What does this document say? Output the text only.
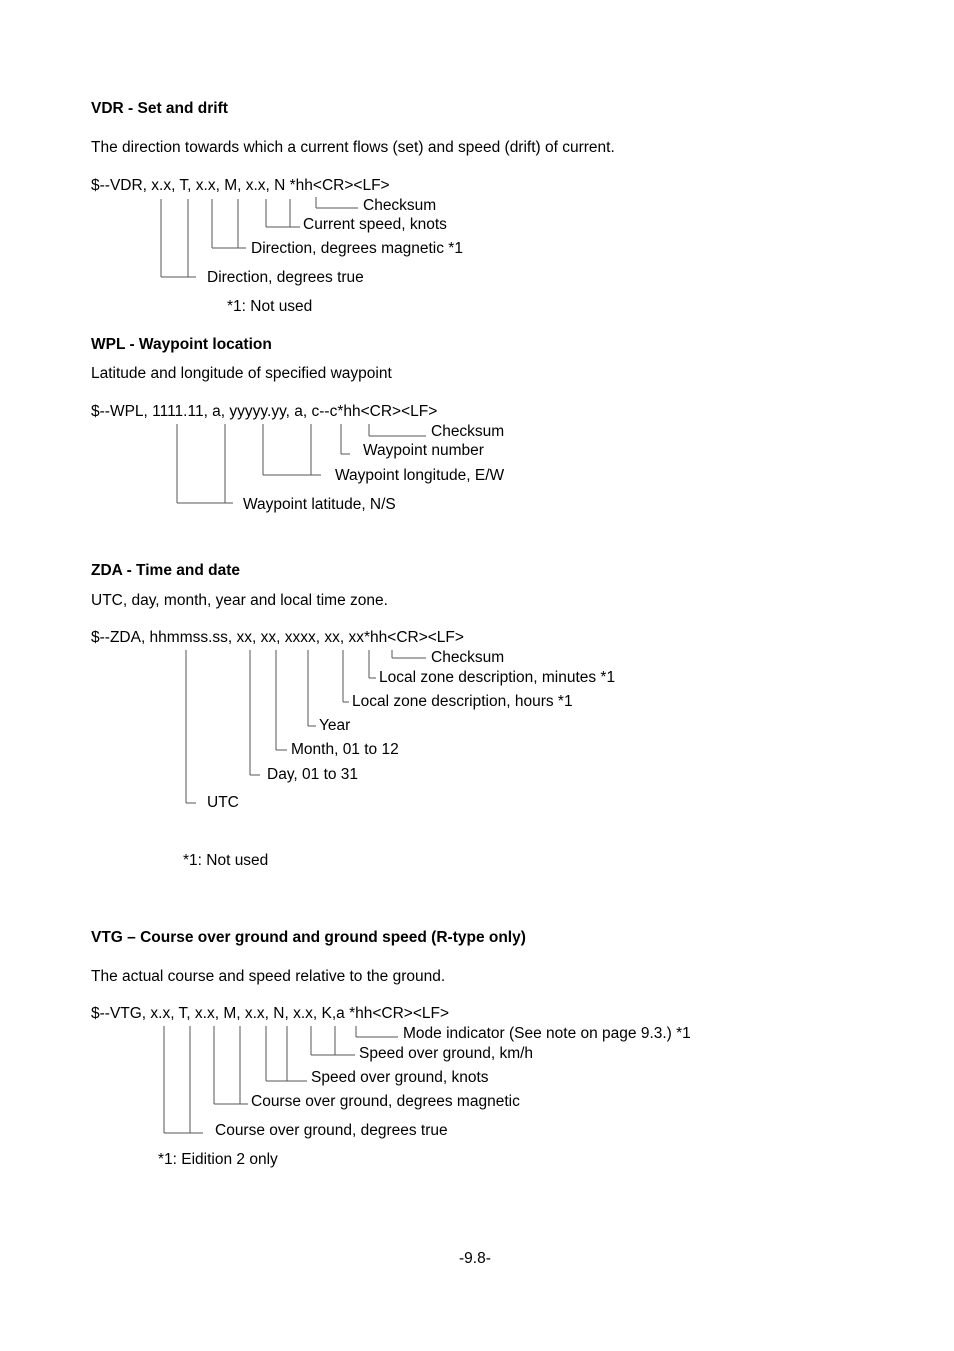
VDR - Set and drift
The direction towards which a current flows (set) and speed (drift) of current.
$--VDR, x.x, T, x.x, M, x.x, N *hh<CR><LF>
Checksum
Current speed, knots
Direction, degrees magnetic *1
Direction, degrees true
*1: Not used
WPL - Waypoint location
Latitude and longitude of specified waypoint
$--WPL, 1111.11, a, yyyyy.yy, a, c--c*hh<CR><LF>
Checksum
Waypoint number
Waypoint longitude, E/W
Waypoint latitude, N/S
ZDA - Time and date
UTC, day, month, year and local time zone.
$--ZDA, hhmmss.ss, xx, xx, xxxx, xx, xx*hh<CR><LF>
Checksum
Local zone description, minutes *1
Local zone description, hours *1
Year
Month, 01 to 12
Day, 01 to 31
UTC
*1: Not used
VTG – Course over ground and ground speed (R-type only)
The actual course and speed relative to the ground.
$--VTG, x.x, T, x.x, M, x.x, N, x.x, K,a *hh<CR><LF>
Mode indicator (See note on page 9.3.) *1
Speed over ground, km/h
Speed over ground, knots
Course over ground, degrees magnetic
Course over ground, degrees true
*1: Eidition 2 only
-9.8-
